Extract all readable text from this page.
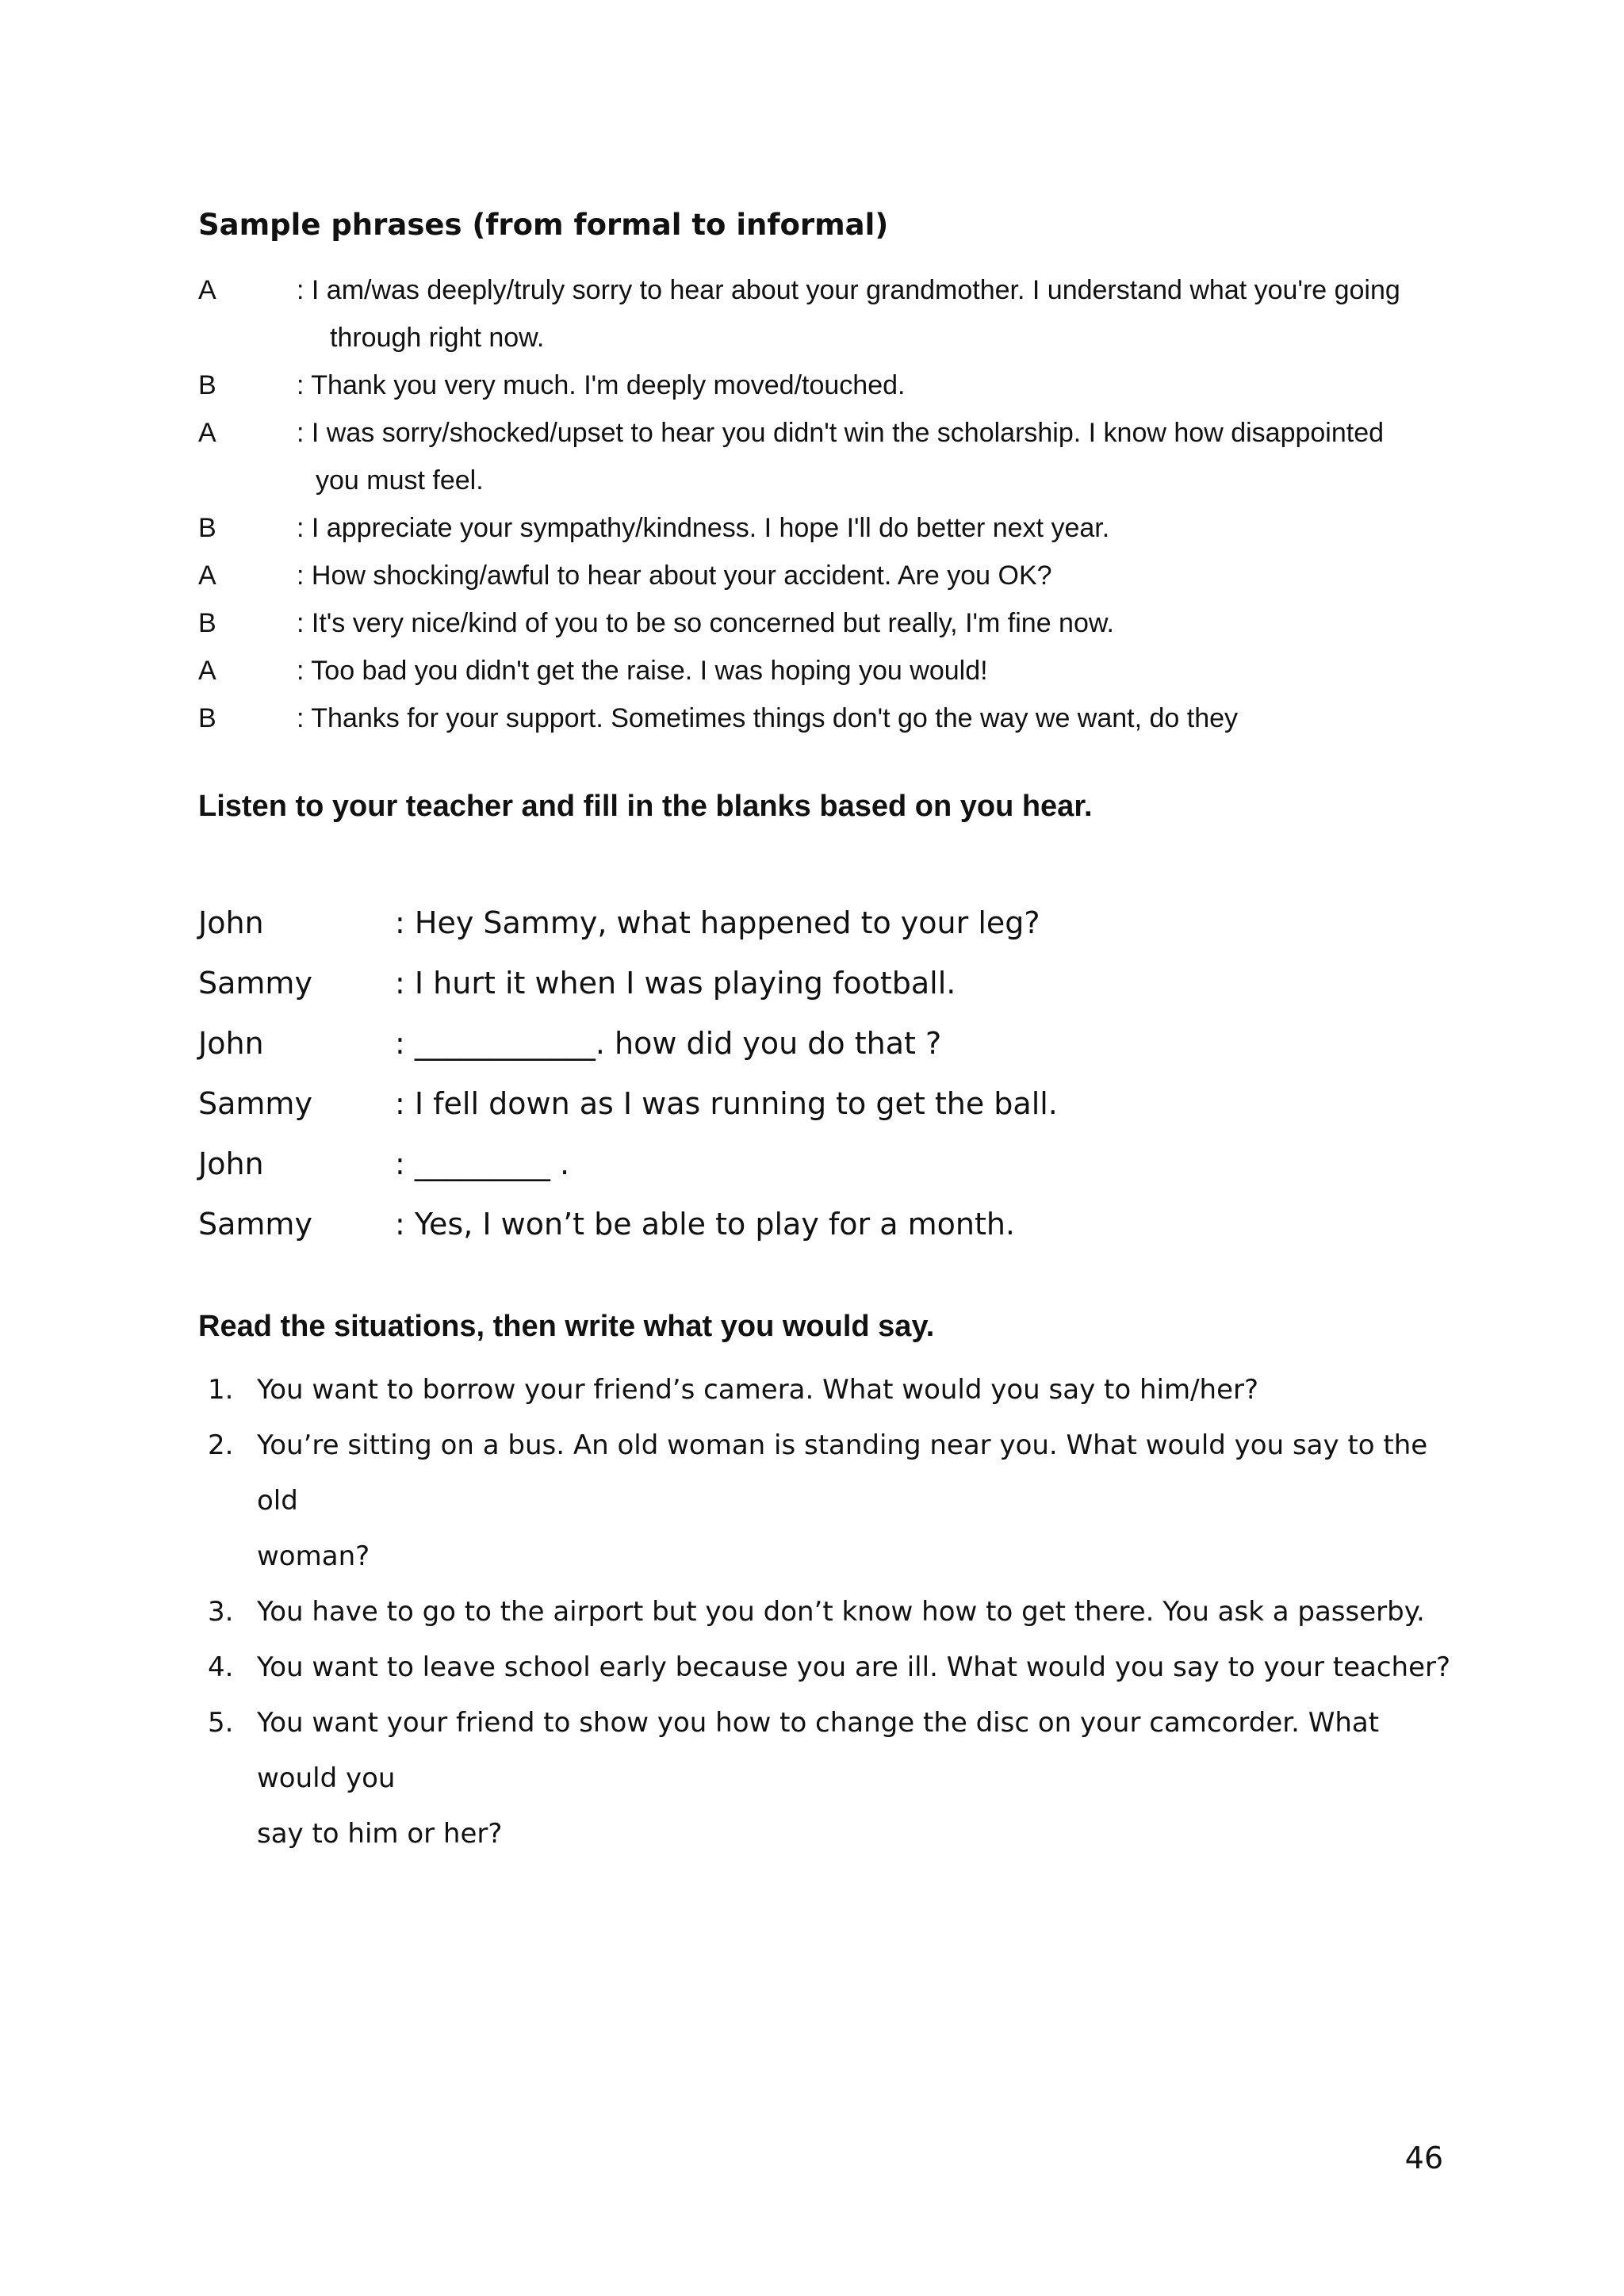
Sample phrases (from formal to informal)
A	: I am/was deeply/truly sorry to hear about your grandmother. I understand what you're going
through right now.
B	: Thank you very much. I'm deeply moved/touched.
A	: I was sorry/shocked/upset to hear you didn't win the scholarship. I know how disappointed
you must feel.
B	: I appreciate your sympathy/kindness. I hope I'll do better next year.
A	: How shocking/awful to hear about your accident. Are you OK?
B	: It's very nice/kind of you to be so concerned but really, I'm fine now.
A	: Too bad you didn't get the raise. I was hoping you would!
B	: Thanks for your support. Sometimes things don't go the way we want, do they
Listen to your teacher and fill in the blanks based on you hear.
John	: Hey Sammy, what happened to your leg?
Sammy	: I hurt it when I was playing football.
John	: ____________. how did you do that ?
Sammy	: I fell down as I was running to get the ball.
John	: _________ .
Sammy	: Yes, I won’t be able to play for a month.
Read the situations, then write what you would say.
1. You want to borrow your friend’s camera. What would you say to him/her?
2. You’re sitting on a bus. An old woman is standing near you. What would you say to the old
woman?
3. You have to go to the airport but you don’t know how to get there. You ask a passerby.
4. You want to leave school early because you are ill. What would you say to your teacher?
5. You want your friend to show you how to change the disc on your camcorder. What would you
say to him or her?
46
